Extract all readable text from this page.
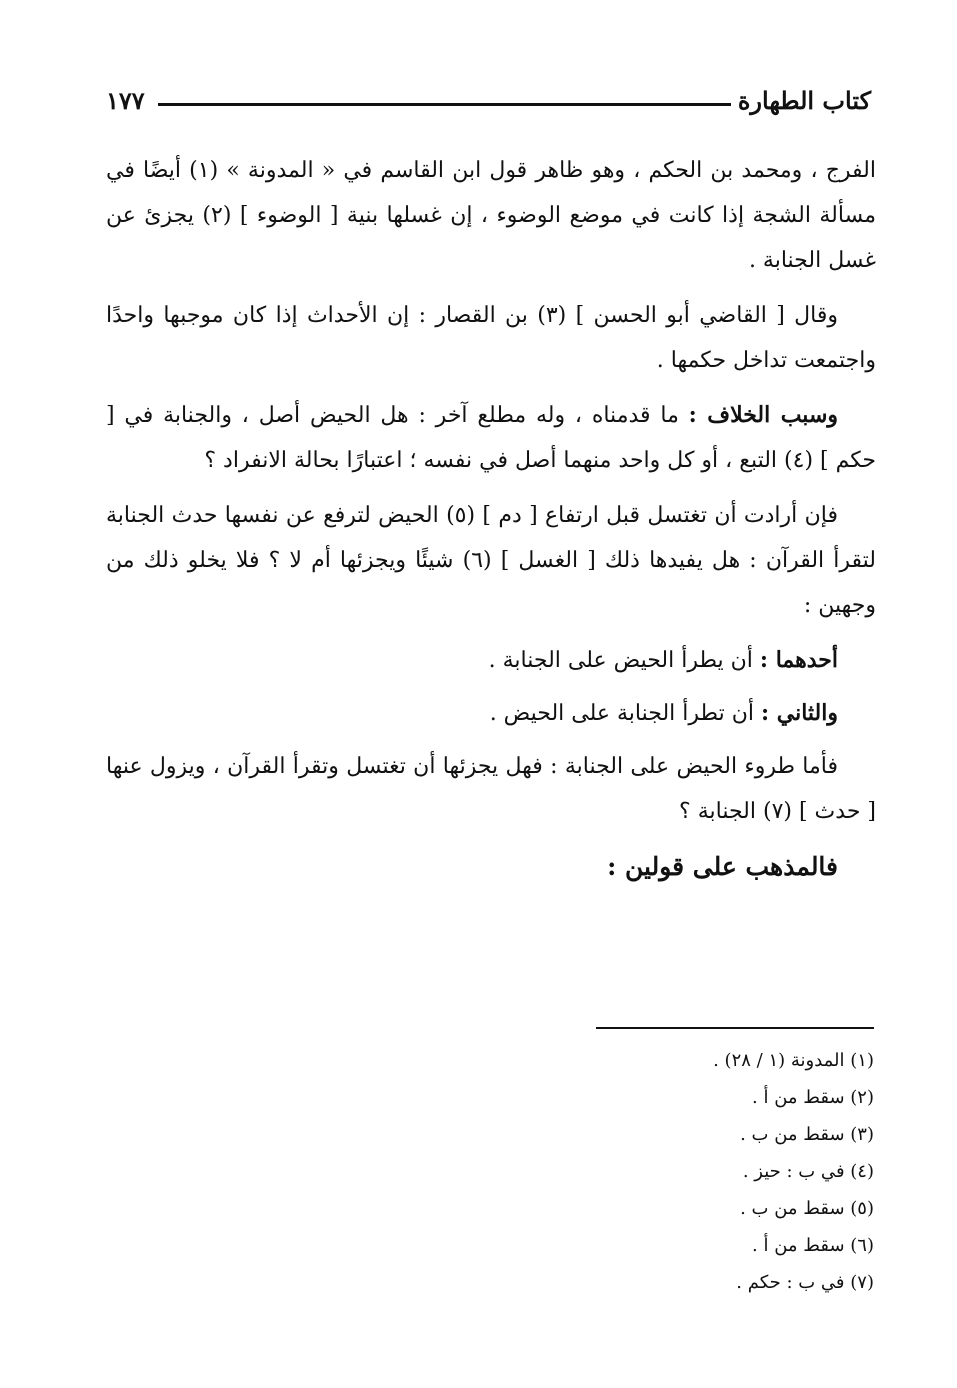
١٧٧	كتاب الطهارة

الفرج ، ومحمد بن الحكم ، وهو ظاهر قول ابن القاسم في « المدونة » (١) أيضًا في مسألة الشجة إذا كانت في موضع الوضوء ، إن غسلها بنية [ الوضوء ] (٢) يجزئ عن غسل الجنابة .

وقال [ القاضي أبو الحسن ] (٣) بن القصار : إن الأحداث إذا كان موجبها واحدًا واجتمعت تداخل حكمها .

وسبب الخلاف : ما قدمناه ، وله مطلع آخر : هل الحيض أصل ، والجنابة في [ حكم ] (٤) التبع ، أو كل واحد منهما أصل في نفسه ؛ اعتبارًا بحالة الانفراد ؟

فإن أرادت أن تغتسل قبل ارتفاع [ دم ] (٥) الحيض لترفع عن نفسها حدث الجنابة لتقرأ القرآن : هل يفيدها ذلك [ الغسل ] (٦) شيئًا ويجزئها أم لا ؟ فلا يخلو ذلك من وجهين :

أحدهما : أن يطرأ الحيض على الجنابة .

والثاني : أن تطرأ الجنابة على الحيض .

فأما طروء الحيض على الجنابة : فهل يجزئها أن تغتسل وتقرأ القرآن ، ويزول عنها [ حدث ] (٧) الجنابة ؟

فالمذهب على قولين :

(١) المدونة (١ / ٢٨) .
(٢) سقط من أ .
(٣) سقط من ب .
(٤) في ب : حيز .
(٥) سقط من ب .
(٦) سقط من أ .
(٧) في ب : حكم .
